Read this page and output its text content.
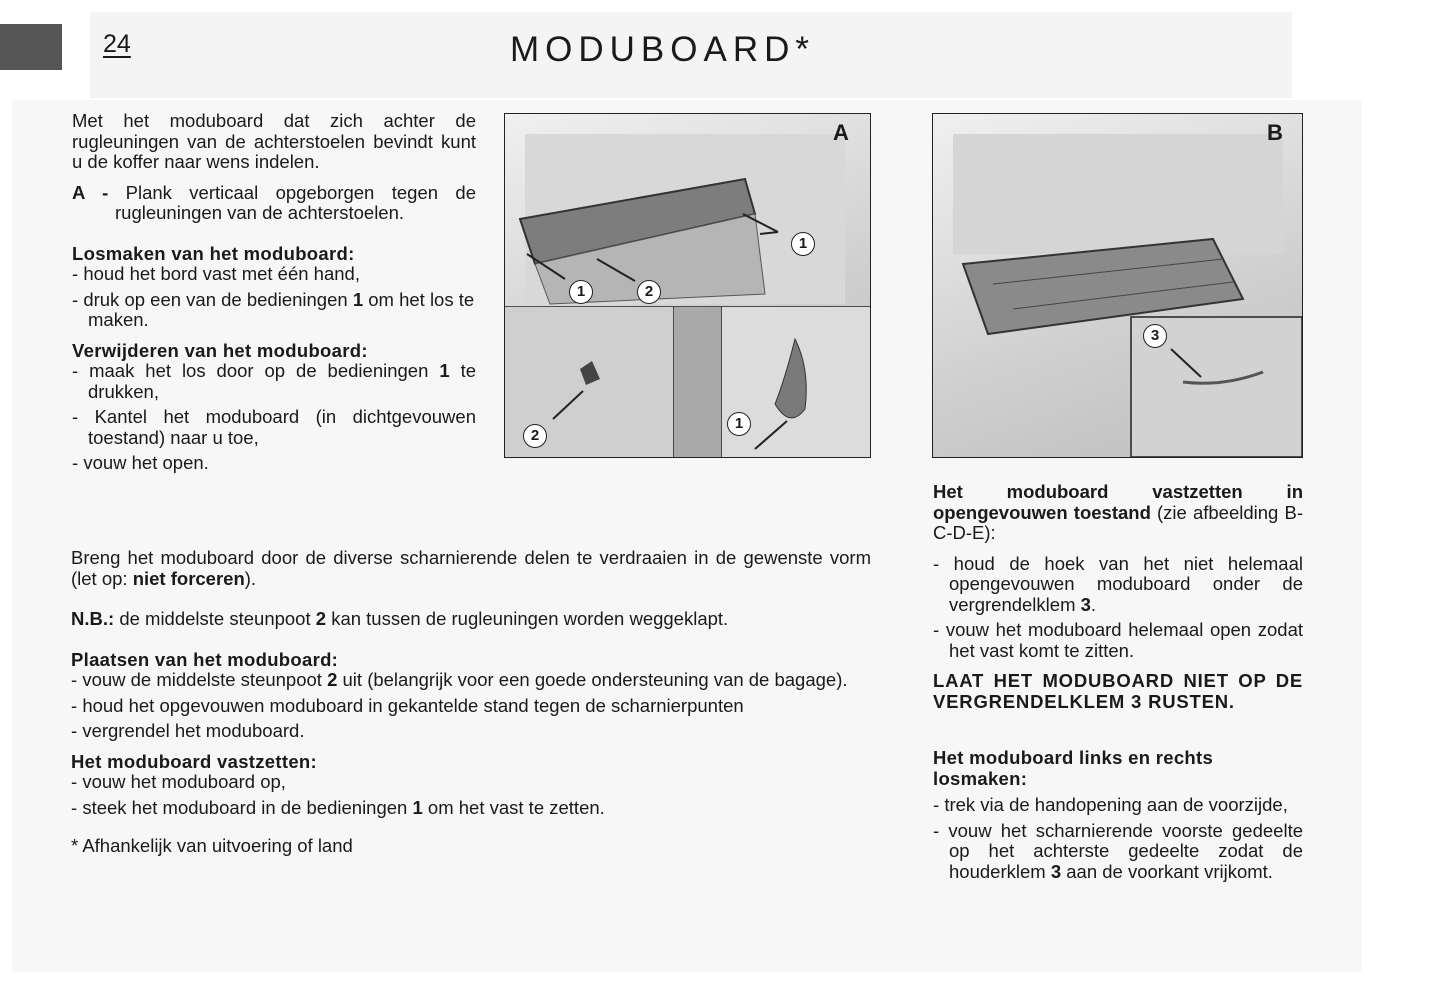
24	MODUBOARD*

Met het moduboard dat zich achter de rugleuningen van de achterstoelen bevindt kunt u de koffer naar wens indelen.

A - Plank verticaal opgeborgen tegen de rugleuningen van de achterstoelen.

Losmaken van het moduboard:

- houd het bord vast met één hand,
- druk op een van de bedieningen 1 om het los te maken.

Verwijderen van het moduboard:

- maak het los door op de bedieningen 1 te drukken,
- Kantel het moduboard (in dichtgevouwen toestand) naar u toe,
- vouw het open.

Breng het moduboard door de diverse scharnierende delen te verdraaien in de gewenste vorm (let op: niet forceren).

N.B.: de middelste steunpoot 2 kan tussen de rugleuningen worden weggeklapt.

Plaatsen van het moduboard:

- vouw de middelste steunpoot 2 uit (belangrijk voor een goede ondersteuning van de bagage).
- houd het opgevouwen moduboard in gekantelde stand tegen de scharnierpunten
- vergrendel het moduboard.

Het moduboard vastzetten:

- vouw het moduboard op,
- steek het moduboard in de bedieningen 1 om het vast te zetten.

* Afhankelijk van uitvoering of land

Het moduboard vastzetten in opengevouwen toestand (zie afbeelding B-C-D-E):

- houd de hoek van het niet helemaal opengevouwen moduboard onder de vergrendelklem 3.
- vouw het moduboard helemaal open zodat het vast komt te zitten.

LAAT HET MODUBOARD NIET OP DE VERGRENDELKLEM 3 RUSTEN.

Het moduboard links en rechts losmaken:

- trek via de handopening aan de voorzijde,
- vouw het scharnierende voorste gedeelte op het achterste gedeelte zodat de houderklem 3 aan de voorkant vrijkomt.
A
1
1	2
2
1
B
3
